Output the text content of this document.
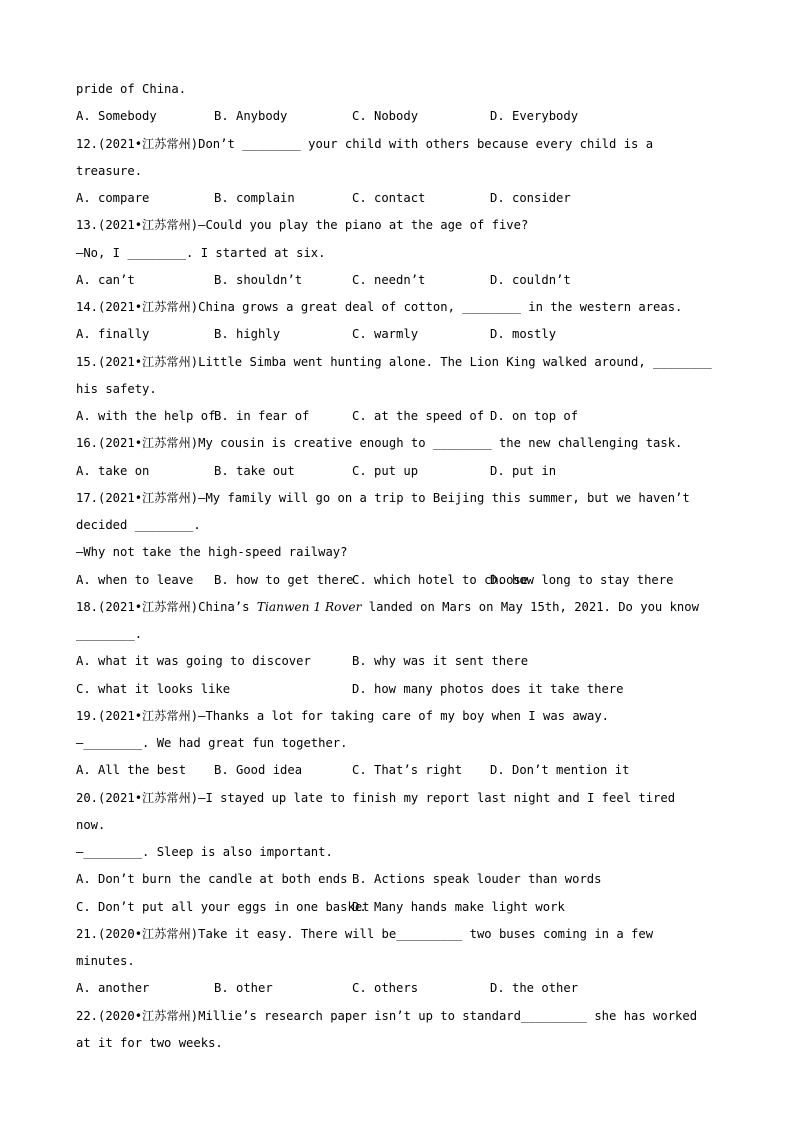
pride of China.
A. Somebody	B. Anybody	C. Nobody	D. Everybody
12.(2021•江苏常州)Don’t ________ your child with others because every child is a
treasure.
A. compare	B. complain	C. contact	D. consider
13.(2021•江苏常州)—Could you play the piano at the age of five?
—No, I ________. I started at six.
A. can’t	B. shouldn’t	C. needn’t	D. couldn’t
14.(2021•江苏常州)China grows a great deal of cotton, ________ in the western areas.
A. finally	B. highly	C. warmly	D. mostly
15.(2021•江苏常州)Little Simba went hunting alone. The Lion King walked around, ________
his safety.
A. with the help of
B. in fear of	C. at the speed of D. on top of
16.(2021•江苏常州)My cousin is creative enough to ________ the new challenging task.
A. take on	B. take out	C. put up	D. put in
17.(2021•江苏常州)—My family will go on a trip to Beijing this summer, but we haven’t
decided ________.
—Why not take the high-speed railway?
A. when to leave	B. how to get there
C. which hotel to choose
D. how long to stay there
18.(2021•江苏常州)China’s Tianwen 1 Rover landed on Mars on May 15th, 2021. Do you know
________.
A. what it was going to discover	B. why was it sent there
C. what it looks like	D. how many photos does it take there
19.(2021•江苏常州)—Thanks a lot for taking care of my boy when I was away.
—________. We had great fun together.
A. All the best	B. Good idea	C. That’s right	D. Don’t mention it
20.(2021•江苏常州)—I stayed up late to finish my report last night and I feel tired
now.
—________. Sleep is also important.
A. Don’t burn the candle at both ends B. Actions speak louder than words
C. Don’t put all your eggs in one basket
D. Many hands make light work
21.(2020•江苏常州)Take it easy. There will be_________ two buses coming in a few
minutes.
A. another	B. other	C. others	D. the other
22.(2020•江苏常州)Millie’s research paper isn’t up to standard_________ she has worked
at it for two weeks.
